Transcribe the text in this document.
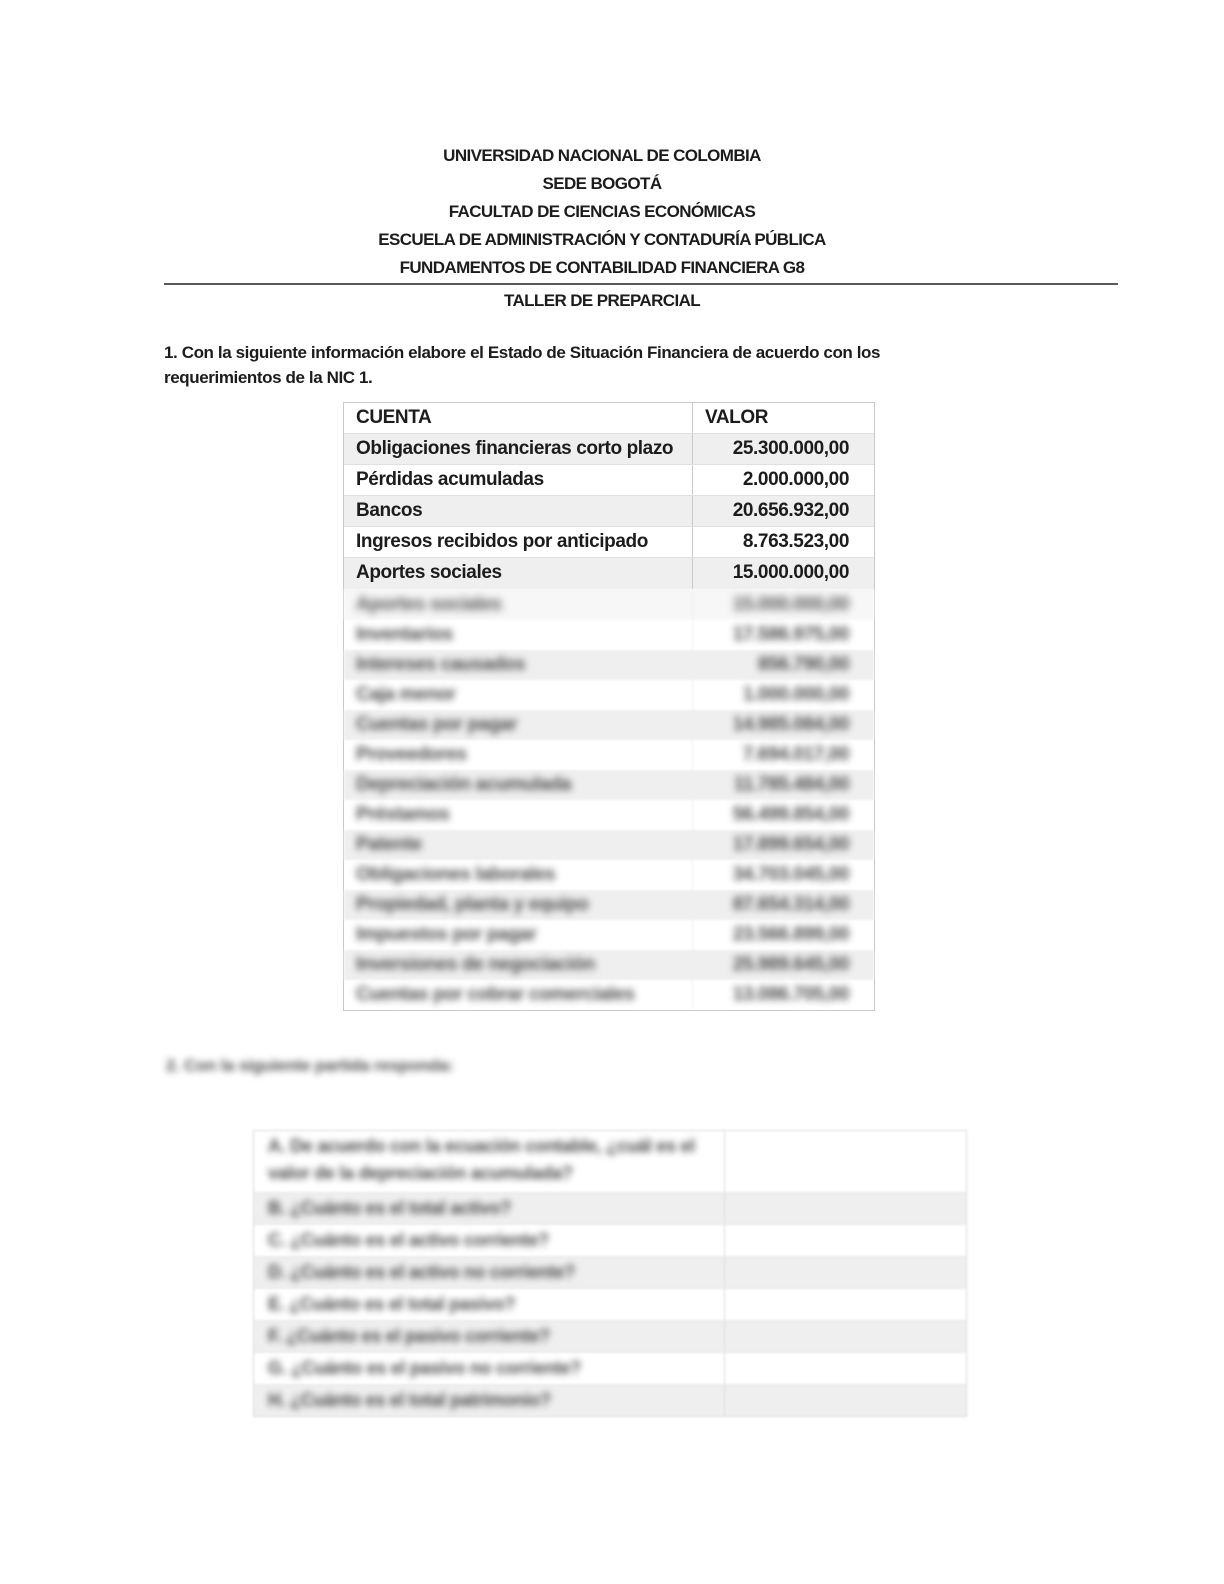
UNIVERSIDAD NACIONAL DE COLOMBIA
SEDE BOGOTÁ
FACULTAD DE CIENCIAS ECONÓMICAS
ESCUELA DE ADMINISTRACIÓN Y CONTADURÍA PÚBLICA
FUNDAMENTOS DE CONTABILIDAD FINANCIERA G8
TALLER DE PREPARCIAL
1. Con la siguiente información elabore el Estado de Situación Financiera de acuerdo con los
requerimientos de la NIC 1.
CUENTA	VALOR
Obligaciones financieras corto plazo	25.300.000,00
Pérdidas acumuladas	2.000.000,00
Bancos	20.656.932,00
Ingresos recibidos por anticipado	8.763.523,00
Aportes sociales	15.000.000,00
Aportes sociales	15.000.000,00
Inventarios	17.586.975,00
Intereses causados	856.790,00
Caja menor	1.000.000,00
Cuentas por pagar	14.985.084,00
Proveedores	7.694.017,00
Depreciación acumulada	11.785.484,00
Préstamos	56.499.854,00
Patente	17.899.654,00
Obligaciones laborales	34.703.045,00
Propiedad, planta y equipo	87.654.314,00
Impuestos por pagar	23.566.899,00
Inversiones de negociación	25.989.645,00
Cuentas por cobrar comerciales	13.086.705,00
2. Con la siguiente partida responda:
A. De acuerdo con la ecuación contable, ¿cuál es el valor de la depreciación acumulada?
B. ¿Cuánto es el total activo?
C. ¿Cuánto es el activo corriente?
D. ¿Cuánto es el activo no corriente?
E. ¿Cuánto es el total pasivo?
F. ¿Cuánto es el pasivo corriente?
G. ¿Cuánto es el pasivo no corriente?
H. ¿Cuánto es el total patrimonio?
